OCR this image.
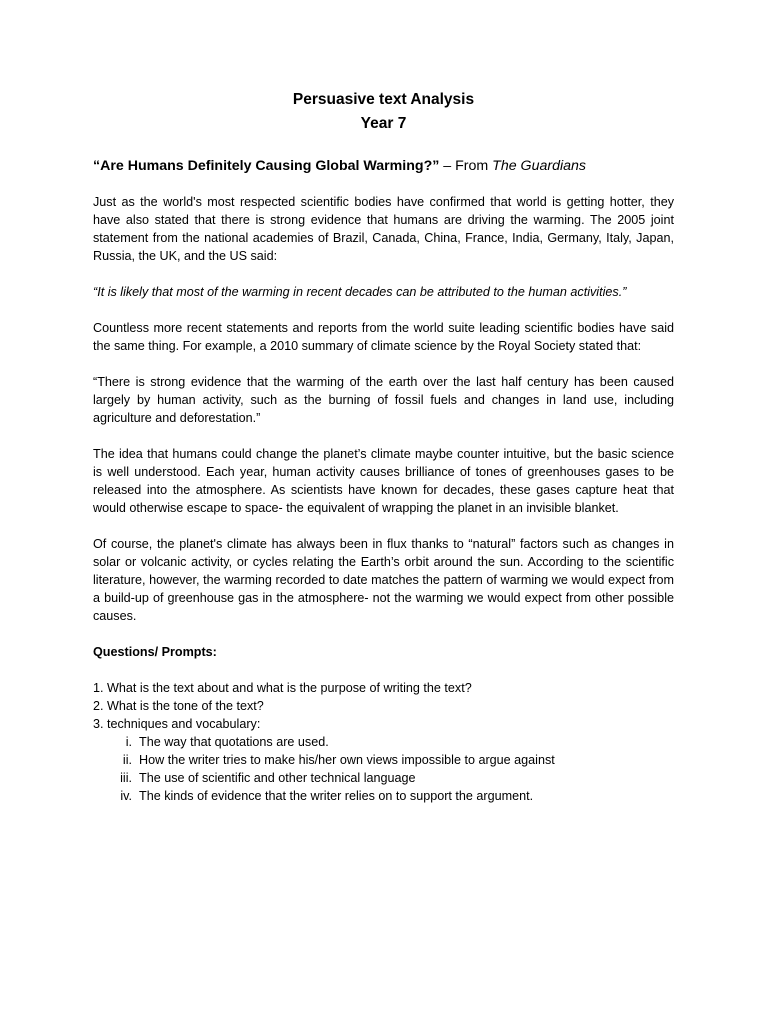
Persuasive text Analysis

Year 7

“Are Humans Definitely Causing Global Warming?” – From The Guardians

Just as the world's most respected scientific bodies have confirmed that world is getting hotter, they have also stated that there is strong evidence that humans are driving the warming. The 2005 joint statement from the national academies of Brazil, Canada, China, France, India, Germany, Italy, Japan, Russia, the UK, and the US said:

“It is likely that most of the warming in recent decades can be attributed to the human activities.”

Countless more recent statements and reports from the world suite leading scientific bodies have said the same thing. For example, a 2010 summary of climate science by the Royal Society stated that:

“There is strong evidence that the warming of the earth over the last half century has been caused largely by human activity, such as the burning of fossil fuels and changes in land use, including agriculture and deforestation.”

The idea that humans could change the planet’s climate maybe counter intuitive, but the basic science is well understood. Each year, human activity causes brilliance of tones of greenhouses gases to be released into the atmosphere. As scientists have known for decades, these gases capture heat that would otherwise escape to space- the equivalent of wrapping the planet in an invisible blanket.

Of course, the planet's climate has always been in flux thanks to “natural” factors such as changes in solar or volcanic activity, or cycles relating the Earth’s orbit around the sun. According to the scientific literature, however, the warming recorded to date matches the pattern of warming we would expect from a build-up of greenhouse gas in the atmosphere- not the warming we would expect from other possible causes.

Questions/ Prompts:
1. What is the text about and what is the purpose of writing the text?
2. What is the tone of the text?
3. techniques and vocabulary:
i. The way that quotations are used.
ii. How the writer tries to make his/her own views impossible to argue against
iii. The use of scientific and other technical language
iv. The kinds of evidence that the writer relies on to support the argument.
